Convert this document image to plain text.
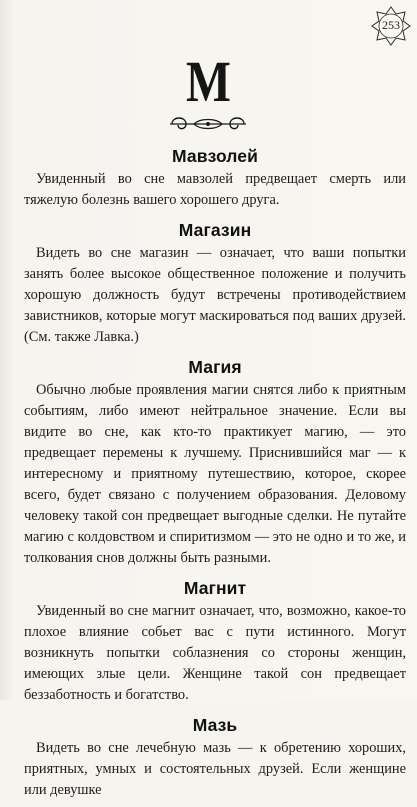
253
М
Мавзолей

Увиденный во сне мавзолей предвещает смерть или тяжелую болезнь вашего хорошего друга.

Магазин

Видеть во сне магазин — означает, что ваши попытки занять более высокое общественное положение и получить хорошую должность будут встречены противодействием завистников, которые могут маскироваться под ваших друзей. (См. также Лавка.)

Магия

Обычно любые проявления магии снятся либо к приятным событиям, либо имеют нейтральное значение. Если вы видите во сне, как кто-то практикует магию, — это предвещает перемены к лучшему. Приснившийся маг — к интересному и приятному путешествию, которое, скорее всего, будет связано с получением образования. Деловому человеку такой сон предвещает выгодные сделки. Не путайте магию с колдовством и спиритизмом — это не одно и то же, и толкования снов должны быть разными.

Магнит

Увиденный во сне магнит означает, что, возможно, какое-то плохое влияние собьет вас с пути истинного. Могут возникнуть попытки соблазнения со стороны женщин, имеющих злые цели. Женщине такой сон предвещает беззаботность и богатство.

Мазь

Видеть во сне лечебную мазь — к обретению хороших, приятных, умных и состоятельных друзей. Если женщине или девушке
